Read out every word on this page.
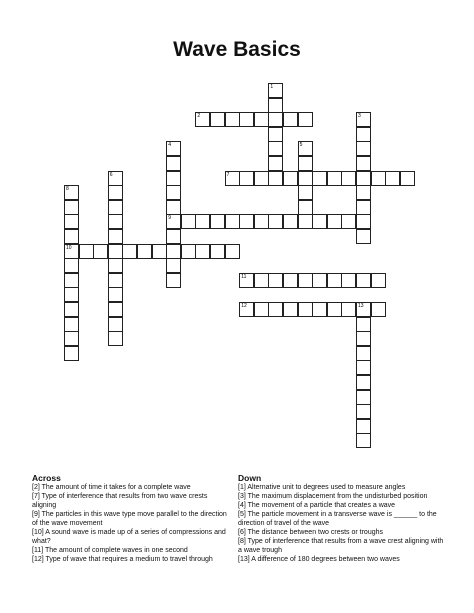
Wave Basics
1
2	3
4
9
5
6	7
8
10
11
12	13
Across
[2] The amount of time it takes for a complete wave
[7] Type of interference that results from two wave crests aligning
[9] The particles in this wave type move parallel to the direction of the wave movement
[10] A sound wave is made up of a series of compressions and what?
[11] The amount of complete waves in one second
[12] Type of wave that requires a medium to travel through
Down
[1] Alternative unit to degrees used to measure angles
[3] The maximum displacement from the undisturbed position
[4] The movement of a particle that creates a wave
[5] The particle movement in a transverse wave is ______ to the direction of travel of the wave
[6] The distance between two crests or troughs
[8] Type of interference that results from a wave crest aligning with a wave trough
[13] A difference of 180 degrees between two waves
